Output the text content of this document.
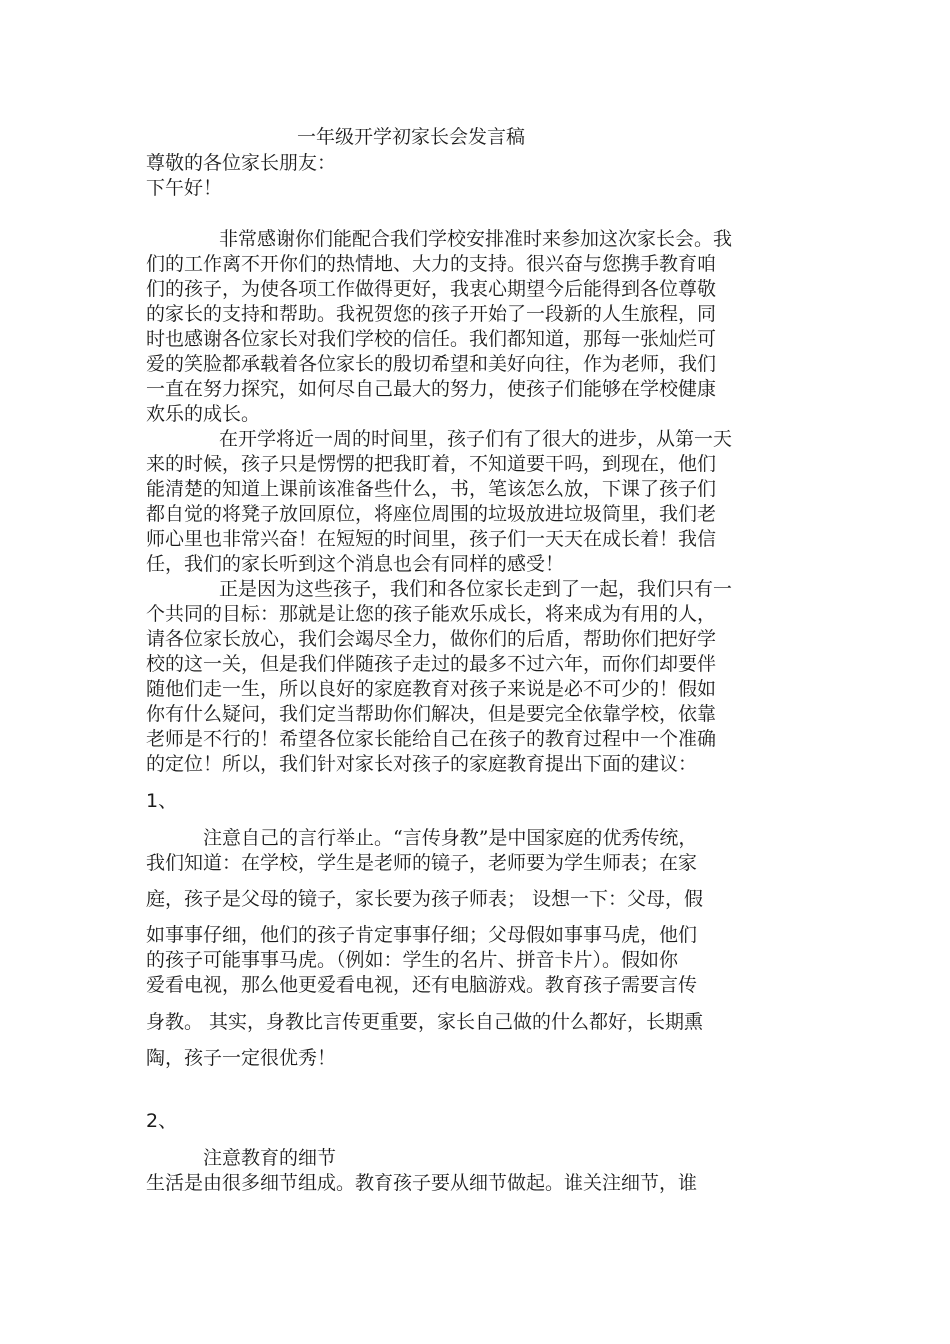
一年级开学初家长会发言稿
尊敬的各位家长朋友：
下午好！
非常感谢你们能配合我们学校安排准时来参加这次家长会。我
们的工作离不开你们的热情地、大力的支持。很兴奋与您携手教育咱
们的孩子，为使各项工作做得更好，我衷心期望今后能得到各位尊敬
的家长的支持和帮助。我祝贺您的孩子开始了一段新的人生旅程，同
时也感谢各位家长对我们学校的信任。我们都知道，那每一张灿烂可
爱的笑脸都承载着各位家长的殷切希望和美好向往，作为老师，我们
一直在努力探究，如何尽自己最大的努力，使孩子们能够在学校健康
欢乐的成长。
在开学将近一周的时间里，孩子们有了很大的进步，从第一天
来的时候，孩子只是愣愣的把我盯着，不知道要干吗，到现在，他们
能清楚的知道上课前该准备些什么，书，笔该怎么放，下课了孩子们
都自觉的将凳子放回原位，将座位周围的垃圾放进垃圾筒里，我们老
师心里也非常兴奋！在短短的时间里，孩子们一天天在成长着！我信
任，我们的家长听到这个消息也会有同样的感受！
正是因为这些孩子，我们和各位家长走到了一起，我们只有一
个共同的目标：那就是让您的孩子能欢乐成长，将来成为有用的人，
请各位家长放心，我们会竭尽全力，做你们的后盾，帮助你们把好学
校的这一关，但是我们伴随孩子走过的最多不过六年，而你们却要伴
随他们走一生，所以良好的家庭教育对孩子来说是必不可少的！假如
你有什么疑问，我们定当帮助你们解决，但是要完全依靠学校，依靠
老师是不行的！希望各位家长能给自己在孩子的教育过程中一个准确
的定位！所以，我们针对家长对孩子的家庭教育提出下面的建议：
1、
注意自己的言行举止。“言传身教”是中国家庭的优秀传统，
我们知道：在学校，学生是老师的镜子，老师要为学生师表；在家
庭，孩子是父母的镜子，家长要为孩子师表； 设想一下：父母，假
如事事仔细，他们的孩子肯定事事仔细；父母假如事事马虎，他们
的孩子可能事事马虎。（例如：学生的名片、拼音卡片）。假如你
爱看电视，那么他更爱看电视，还有电脑游戏。教育孩子需要言传
身教。 其实，身教比言传更重要，家长自己做的什么都好，长期熏
陶，孩子一定很优秀！
2、
注意教育的细节
生活是由很多细节组成。教育孩子要从细节做起。谁关注细节，谁
